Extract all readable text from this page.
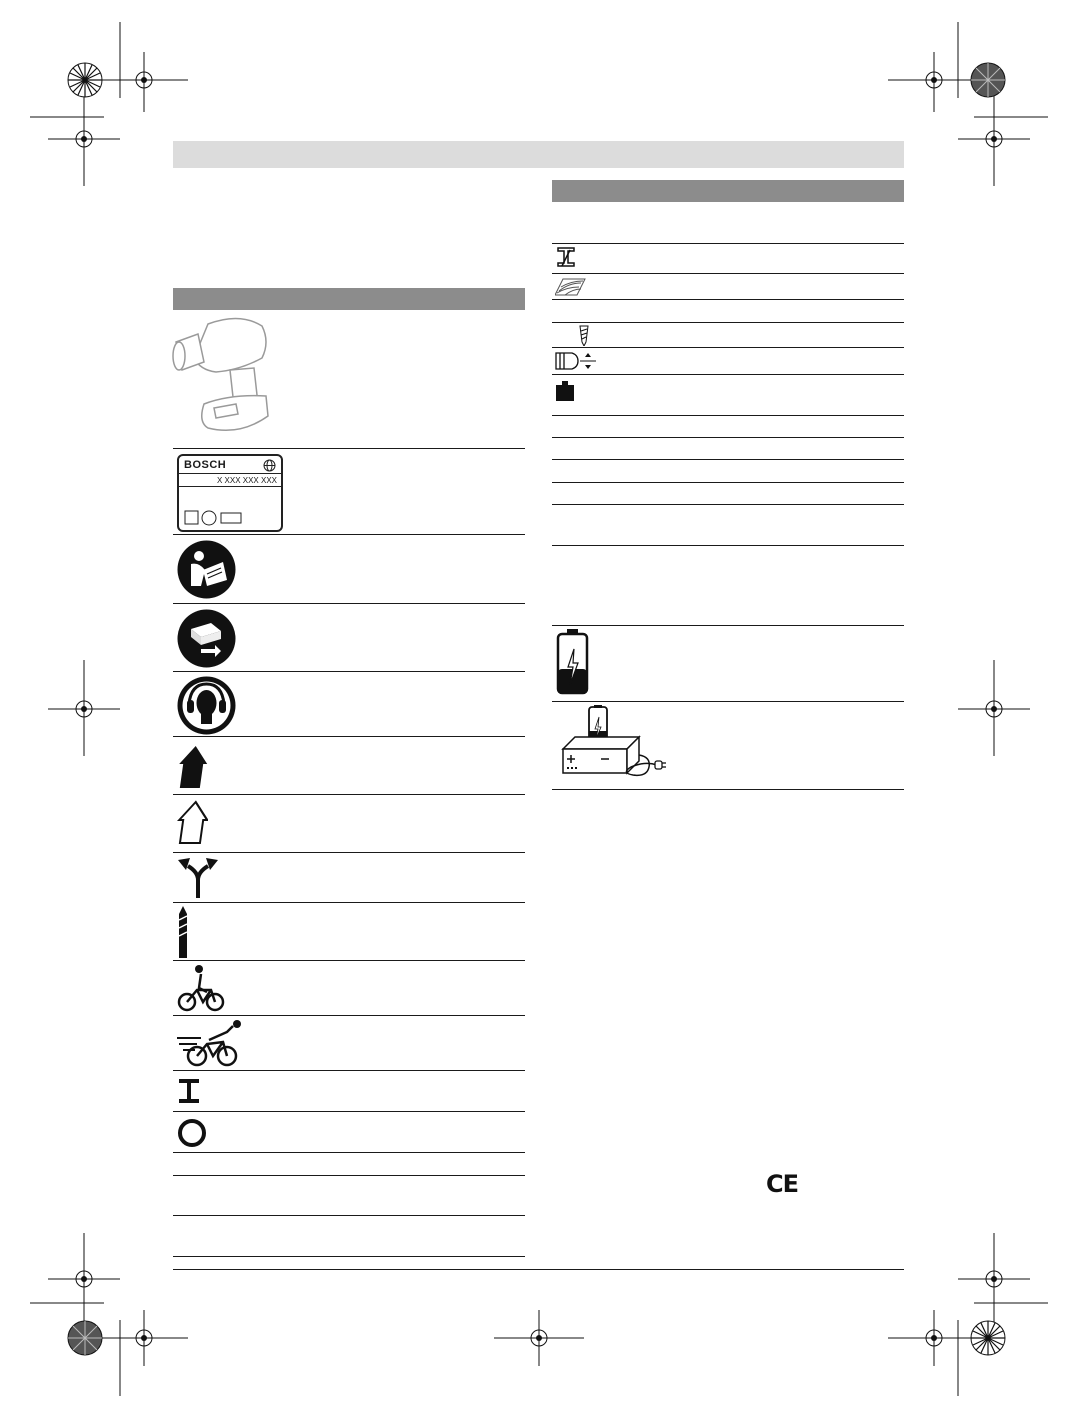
BOSCH
X XXX XXX XXX
CE
